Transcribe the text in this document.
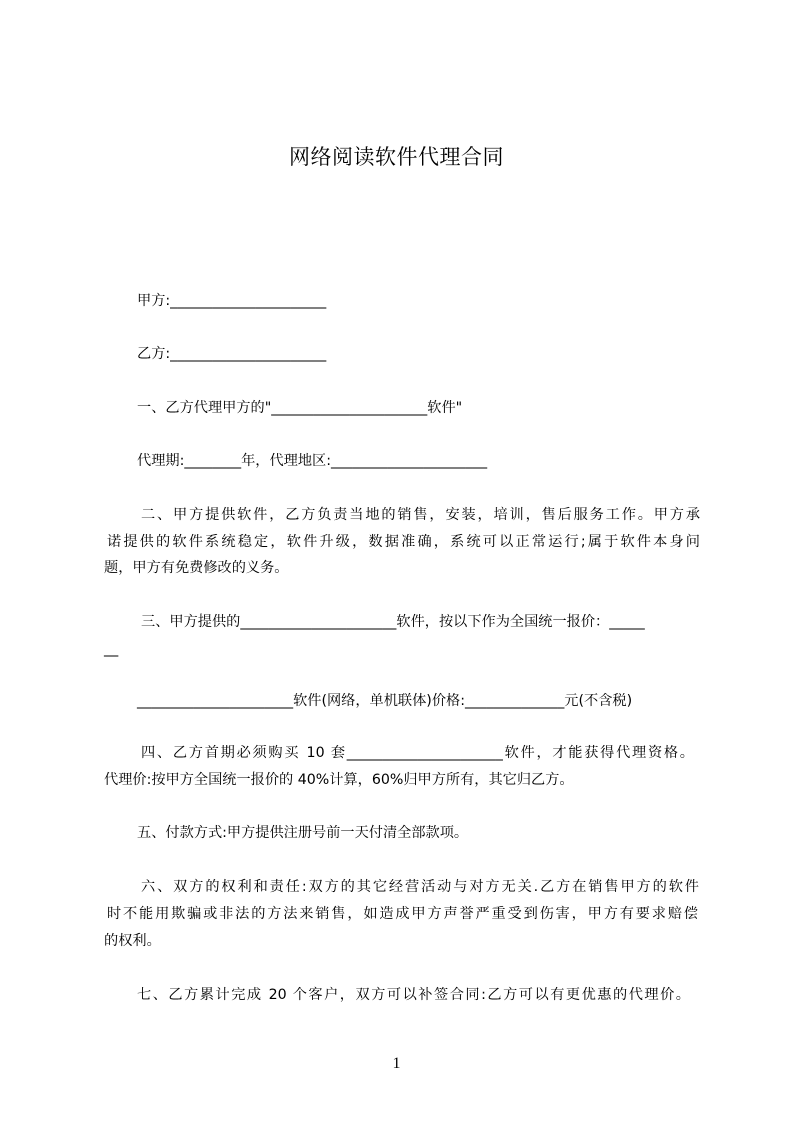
网络阅读软件代理合同
甲方:______________________
乙方:______________________
一、乙方代理甲方的"______________________软件"
代理期:________年，代理地区:______________________
二、甲方提供软件，乙方负责当地的销售，安装，培训，售后服务工作。甲方承
诺提供的软件系统稳定，软件升级，数据准确，系统可以正常运行;属于软件本身问
题，甲方有免费修改的义务。
三、甲方提供的______________________软件，按以下作为全国统一报价：_____
__
______________________软件(网络，单机联体)价格:______________元(不含税)
四、乙方首期必须购买 10 套______________________软件，才能获得代理资格。
代理价:按甲方全国统一报价的 40%计算，60%归甲方所有，其它归乙方。
五、付款方式:甲方提供注册号前一天付清全部款项。
六、双方的权利和责任:双方的其它经营活动与对方无关.乙方在销售甲方的软件
时不能用欺骗或非法的方法来销售，如造成甲方声誉严重受到伤害，甲方有要求赔偿
的权利。
七、乙方累计完成 20 个客户，双方可以补签合同:乙方可以有更优惠的代理价。
1
